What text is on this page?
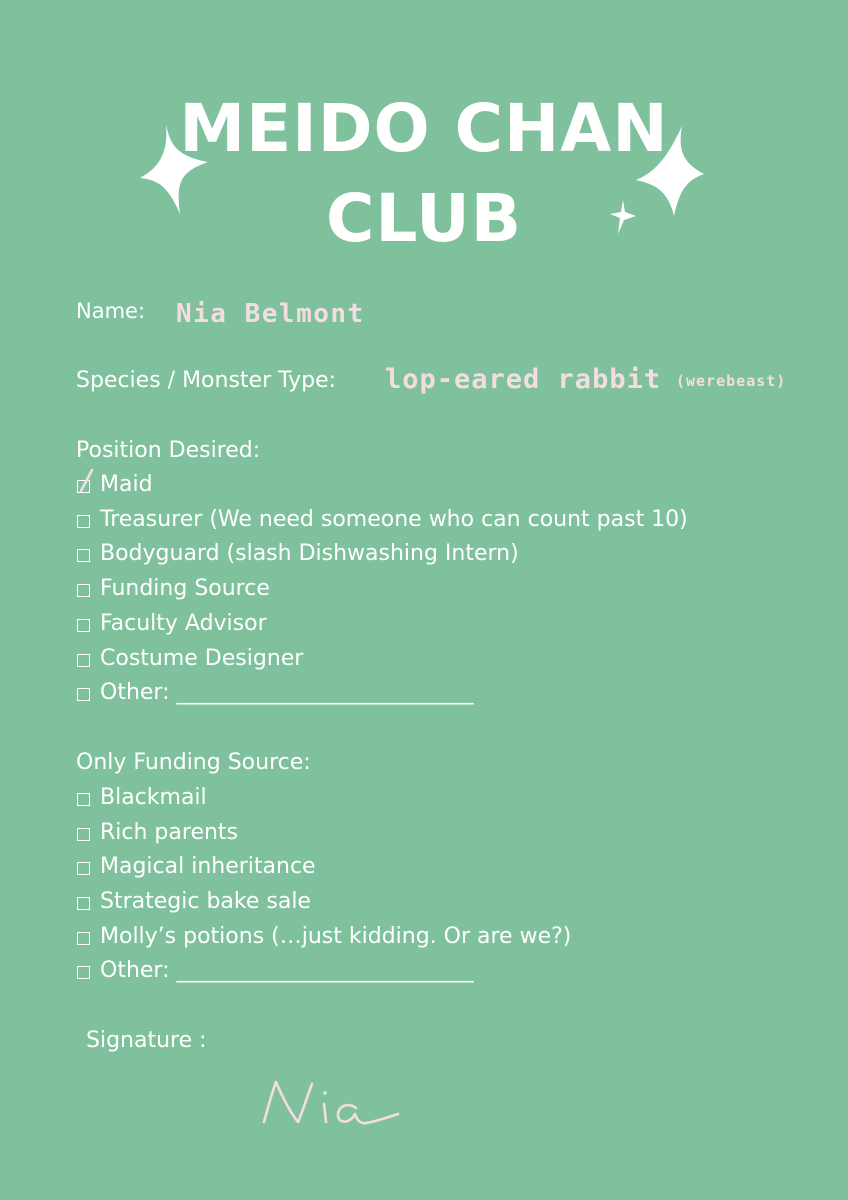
MEIDO CHAN
CLUB
Name: Nia Belmont
Species / Monster Type: lop-eared rabbit (werebeast)
Position Desired:
Maid
Treasurer (We need someone who can count past 10)
Bodyguard (slash Dishwashing Intern)
Funding Source
Faculty Advisor
Costume Designer
Other: ___________________________
Only Funding Source:
Blackmail
Rich parents
Magical inheritance
Strategic bake sale
Molly’s potions (…just kidding. Or are we?)
Other: ___________________________
Signature :
